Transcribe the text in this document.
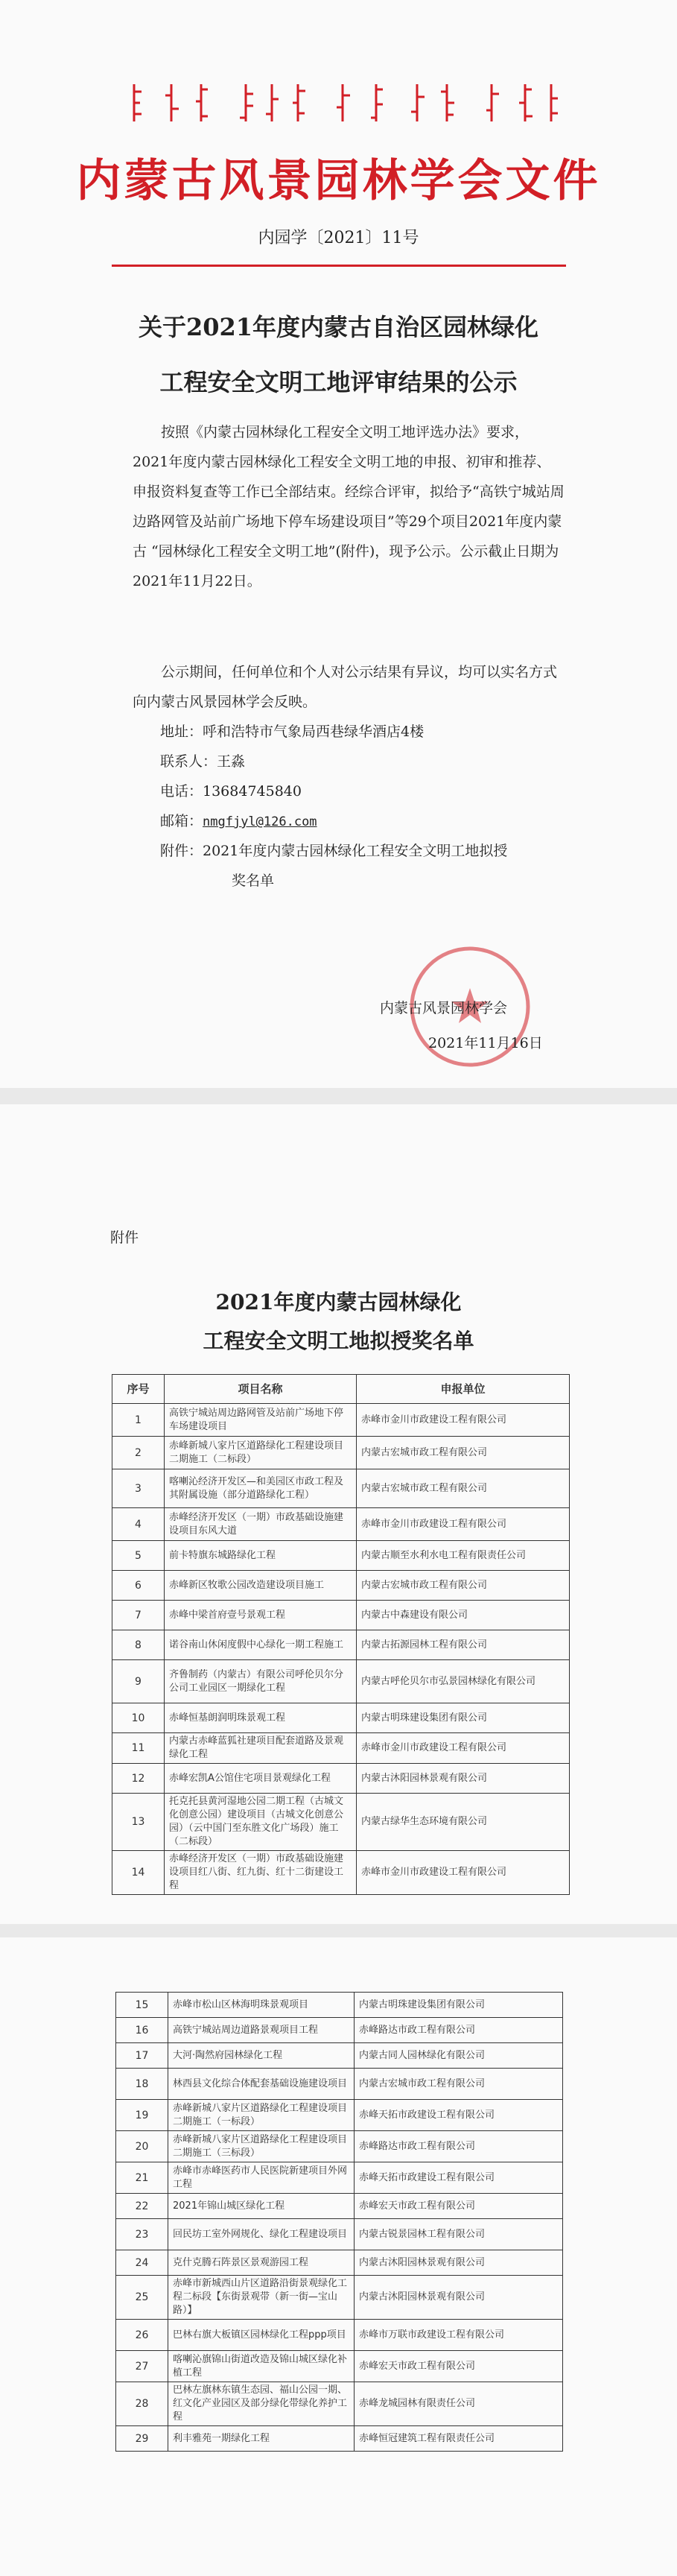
内蒙古风景园林学会文件
内园学〔2021〕11号
关于2021年度内蒙古自治区园林绿化
工程安全文明工地评审结果的公示

按照《内蒙古园林绿化工程安全文明工地评选办法》要求，2021年度内蒙古园林绿化工程安全文明工地的申报、初审和推荐、申报资料复查等工作已全部结束。经综合评审，拟给予“高铁宁城站周边路网管及站前广场地下停车场建设项目”等29个项目2021年度内蒙古 “园林绿化工程安全文明工地”(附件)，现予公示。公示截止日期为2021年11月22日。

公示期间，任何单位和个人对公示结果有异议，均可以实名方式向内蒙古风景园林学会反映。

地址：呼和浩特市气象局西巷绿华酒店4楼
联系人：王淼
电话：13684745840
邮箱：nmgfjyl@126.com
附件：2021年度内蒙古园林绿化工程安全文明工地拟授
奖名单
内蒙古风景园林学会
2021年11月16日
附件
2021年度内蒙古园林绿化
工程安全文明工地拟授奖名单
序号	项目名称	申报单位
1	高铁宁城站周边路网管及站前广场地下停车场建设项目	赤峰市金川市政建设工程有限公司
2	赤峰新城八家片区道路绿化工程建设项目二期施工（二标段）	内蒙古宏城市政工程有限公司
3	喀喇沁经济开发区—和美园区市政工程及其附属设施（部分道路绿化工程）	内蒙古宏城市政工程有限公司
4	赤峰经济开发区（一期）市政基础设施建设项目东风大道	赤峰市金川市政建设工程有限公司
5	前卡特旗东城路绿化工程	内蒙古顺至水利水电工程有限责任公司
6	赤峰新区牧歌公园改造建设项目施工	内蒙古宏城市政工程有限公司
7	赤峰中梁首府壹号景观工程	内蒙古中森建设有限公司
8	诺谷南山休闲度假中心绿化一期工程施工	内蒙古拓源园林工程有限公司
9	齐鲁制药（内蒙古）有限公司呼伦贝尔分公司工业园区一期绿化工程	内蒙古呼伦贝尔市弘景园林绿化有限公司
10	赤峰恒基朗润明珠景观工程	内蒙古明珠建设集团有限公司
11	内蒙古赤峰蓝狐社建项目配套道路及景观绿化工程	赤峰市金川市政建设工程有限公司
12	赤峰宏凯A公馆住宅项目景观绿化工程	内蒙古沐阳园林景观有限公司
13	托克托县黄河湿地公园二期工程（古城文化创意公园）建设项目（古城文化创意公园）（云中国门至东胜文化广场段）施工（二标段）	内蒙古绿华生态环境有限公司
14	赤峰经济开发区（一期）市政基础设施建设项目红八街、红九街、红十二街建设工程	赤峰市金川市政建设工程有限公司
15	赤峰市松山区林海明珠景观项目	内蒙古明珠建设集团有限公司
16	高铁宁城站周边道路景观项目工程	赤峰路达市政工程有限公司
17	大河·陶然府园林绿化工程	内蒙古同人园林绿化有限公司
18	林西县文化综合体配套基础设施建设项目	内蒙古宏城市政工程有限公司
19	赤峰新城八家片区道路绿化工程建设项目二期施工（一标段）	赤峰天拓市政建设工程有限公司
20	赤峰新城八家片区道路绿化工程建设项目二期施工（三标段）	赤峰路达市政工程有限公司
21	赤峰市赤峰医药市人民医院新建项目外网工程	赤峰天拓市政建设工程有限公司
22	2021年锦山城区绿化工程	赤峰宏天市政工程有限公司
23	回民坊工室外网规化、绿化工程建设项目	内蒙古锐景园林工程有限公司
24	克什克腾石阵景区景观游园工程	内蒙古沐阳园林景观有限公司
25	赤峰市新城西山片区道路沿街景观绿化工程二标段【东街景观带（新一街—宝山路）】	内蒙古沐阳园林景观有限公司
26	巴林右旗大板镇区园林绿化工程ppp项目	赤峰市万联市政建设工程有限公司
27	喀喇沁旗锦山街道改造及锦山城区绿化补植工程	赤峰宏天市政工程有限公司
28	巴林左旗林东镇生态园、福山公园一期、红文化产业园区及部分绿化带绿化养护工程	赤峰龙城园林有限责任公司
29	利丰雅苑一期绿化工程	赤峰恒冠建筑工程有限责任公司
